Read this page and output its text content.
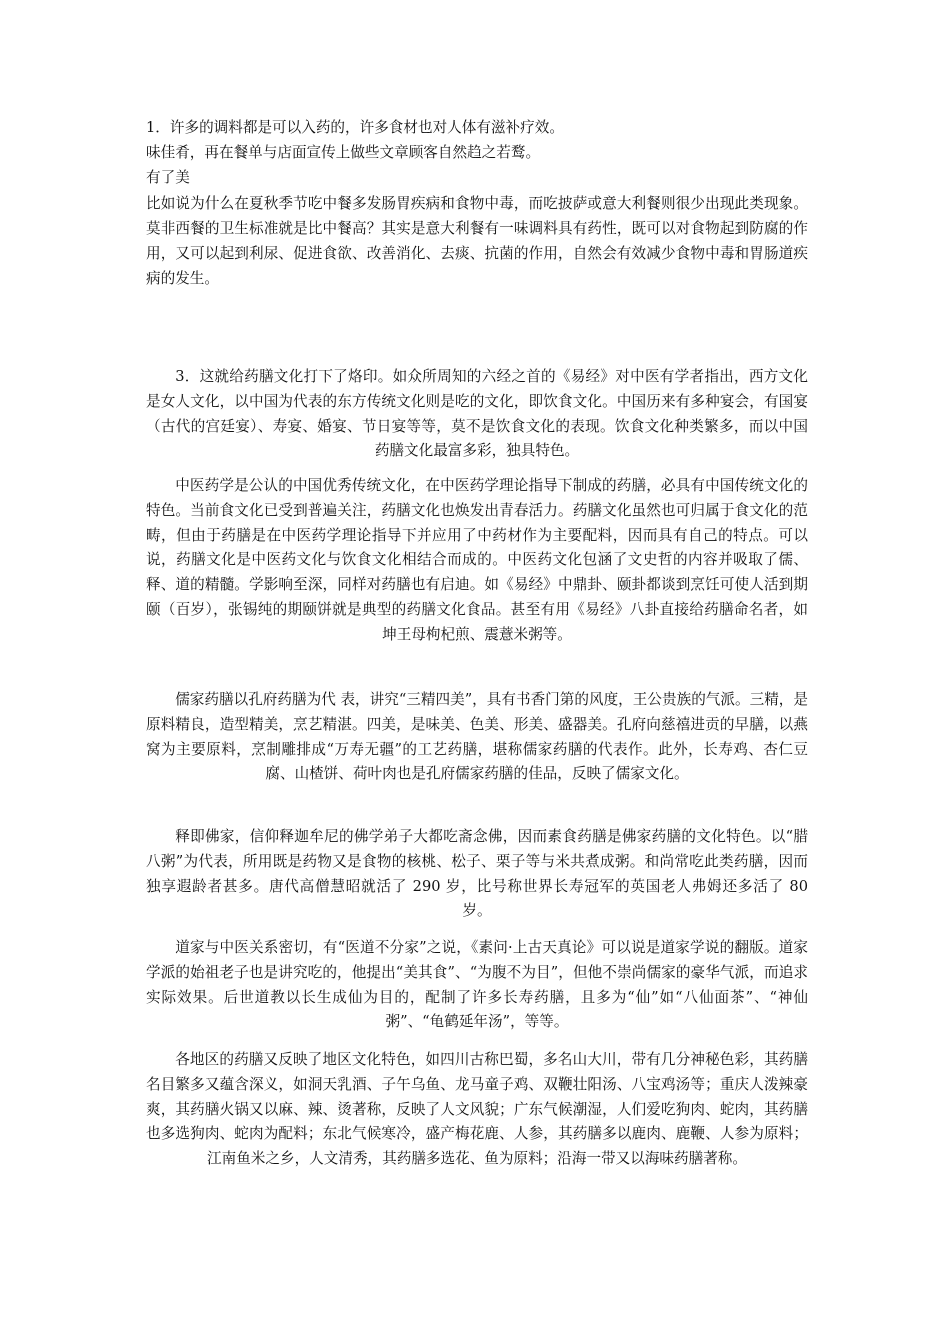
1．许多的调料都是可以入药的，许多食材也对人体有滋补疗效。

味佳肴，再在餐单与店面宣传上做些文章顾客自然趋之若鹜。

有了美

比如说为什么在夏秋季节吃中餐多发肠胃疾病和食物中毒，而吃披萨或意大利餐则很少出现此类现象。莫非西餐的卫生标准就是比中餐高？其实是意大利餐有一味调料具有药性，既可以对食物起到防腐的作用，又可以起到利尿、促进食欲、改善消化、去痰、抗菌的作用，自然会有效减少食物中毒和胃肠道疾病的发生。

3．这就给药膳文化打下了烙印。如众所周知的六经之首的《易经》对中医有学者指出，西方文化是女人文化，以中国为代表的东方传统文化则是吃的文化，即饮食文化。中国历来有多种宴会，有国宴（古代的宫廷宴）、寿宴、婚宴、节日宴等等，莫不是饮食文化的表现。饮食文化种类繁多，而以中国药膳文化最富多彩，独具特色。

中医药学是公认的中国优秀传统文化，在中医药学理论指导下制成的药膳，必具有中国传统文化的特色。当前食文化已受到普遍关注，药膳文化也焕发出青春活力。药膳文化虽然也可归属于食文化的范畴，但由于药膳是在中医药学理论指导下并应用了中药材作为主要配料，因而具有自己的特点。可以说，药膳文化是中医药文化与饮食文化相结合而成的。中医药文化包涵了文史哲的内容并吸取了儒、释、道的精髓。学影响至深，同样对药膳也有启迪。如《易经》中鼎卦、颐卦都谈到烹饪可使人活到期颐（百岁），张锡纯的期颐饼就是典型的药膳文化食品。甚至有用《易经》八卦直接给药膳命名者，如坤王母枸杞煎、震薏米粥等。

儒家药膳以孔府药膳为代 表，讲究“三精四美”，具有书香门第的风度，王公贵族的气派。三精，是原料精良，造型精美，烹艺精湛。四美，是味美、色美、形美、盛器美。孔府向慈禧进贡的早膳，以燕窝为主要原料，烹制雕排成“万寿无疆”的工艺药膳，堪称儒家药膳的代表作。此外，长寿鸡、杏仁豆腐、山楂饼、荷叶肉也是孔府儒家药膳的佳品，反映了儒家文化。

释即佛家，信仰释迦牟尼的佛学弟子大都吃斋念佛，因而素食药膳是佛家药膳的文化特色。以“腊八粥”为代表，所用既是药物又是食物的核桃、松子、栗子等与米共煮成粥。和尚常吃此类药膳，因而独享遐龄者甚多。唐代高僧慧昭就活了 290 岁，比号称世界长寿冠军的英国老人弗姆还多活了 80 岁。

道家与中医关系密切，有“医道不分家”之说，《素问·上古天真论》可以说是道家学说的翻版。道家学派的始祖老子也是讲究吃的，他提出“美其食”、“为腹不为目”，但他不崇尚儒家的豪华气派，而追求实际效果。后世道教以长生成仙为目的，配制了许多长寿药膳，且多为“仙”如“八仙面茶”、“神仙粥”、“龟鹤延年汤”，等等。

各地区的药膳又反映了地区文化特色，如四川古称巴蜀，多名山大川，带有几分神秘色彩，其药膳名目繁多又蕴含深义，如洞天乳酒、子午乌鱼、龙马童子鸡、双鞭壮阳汤、八宝鸡汤等；重庆人泼辣豪爽，其药膳火锅又以麻、辣、烫著称，反映了人文风貌；广东气候潮湿，人们爱吃狗肉、蛇肉，其药膳也多选狗肉、蛇肉为配料；东北气候寒冷，盛产梅花鹿、人参，其药膳多以鹿肉、鹿鞭、人参为原料；江南鱼米之乡，人文清秀，其药膳多选花、鱼为原料；沿海一带又以海味药膳著称。
